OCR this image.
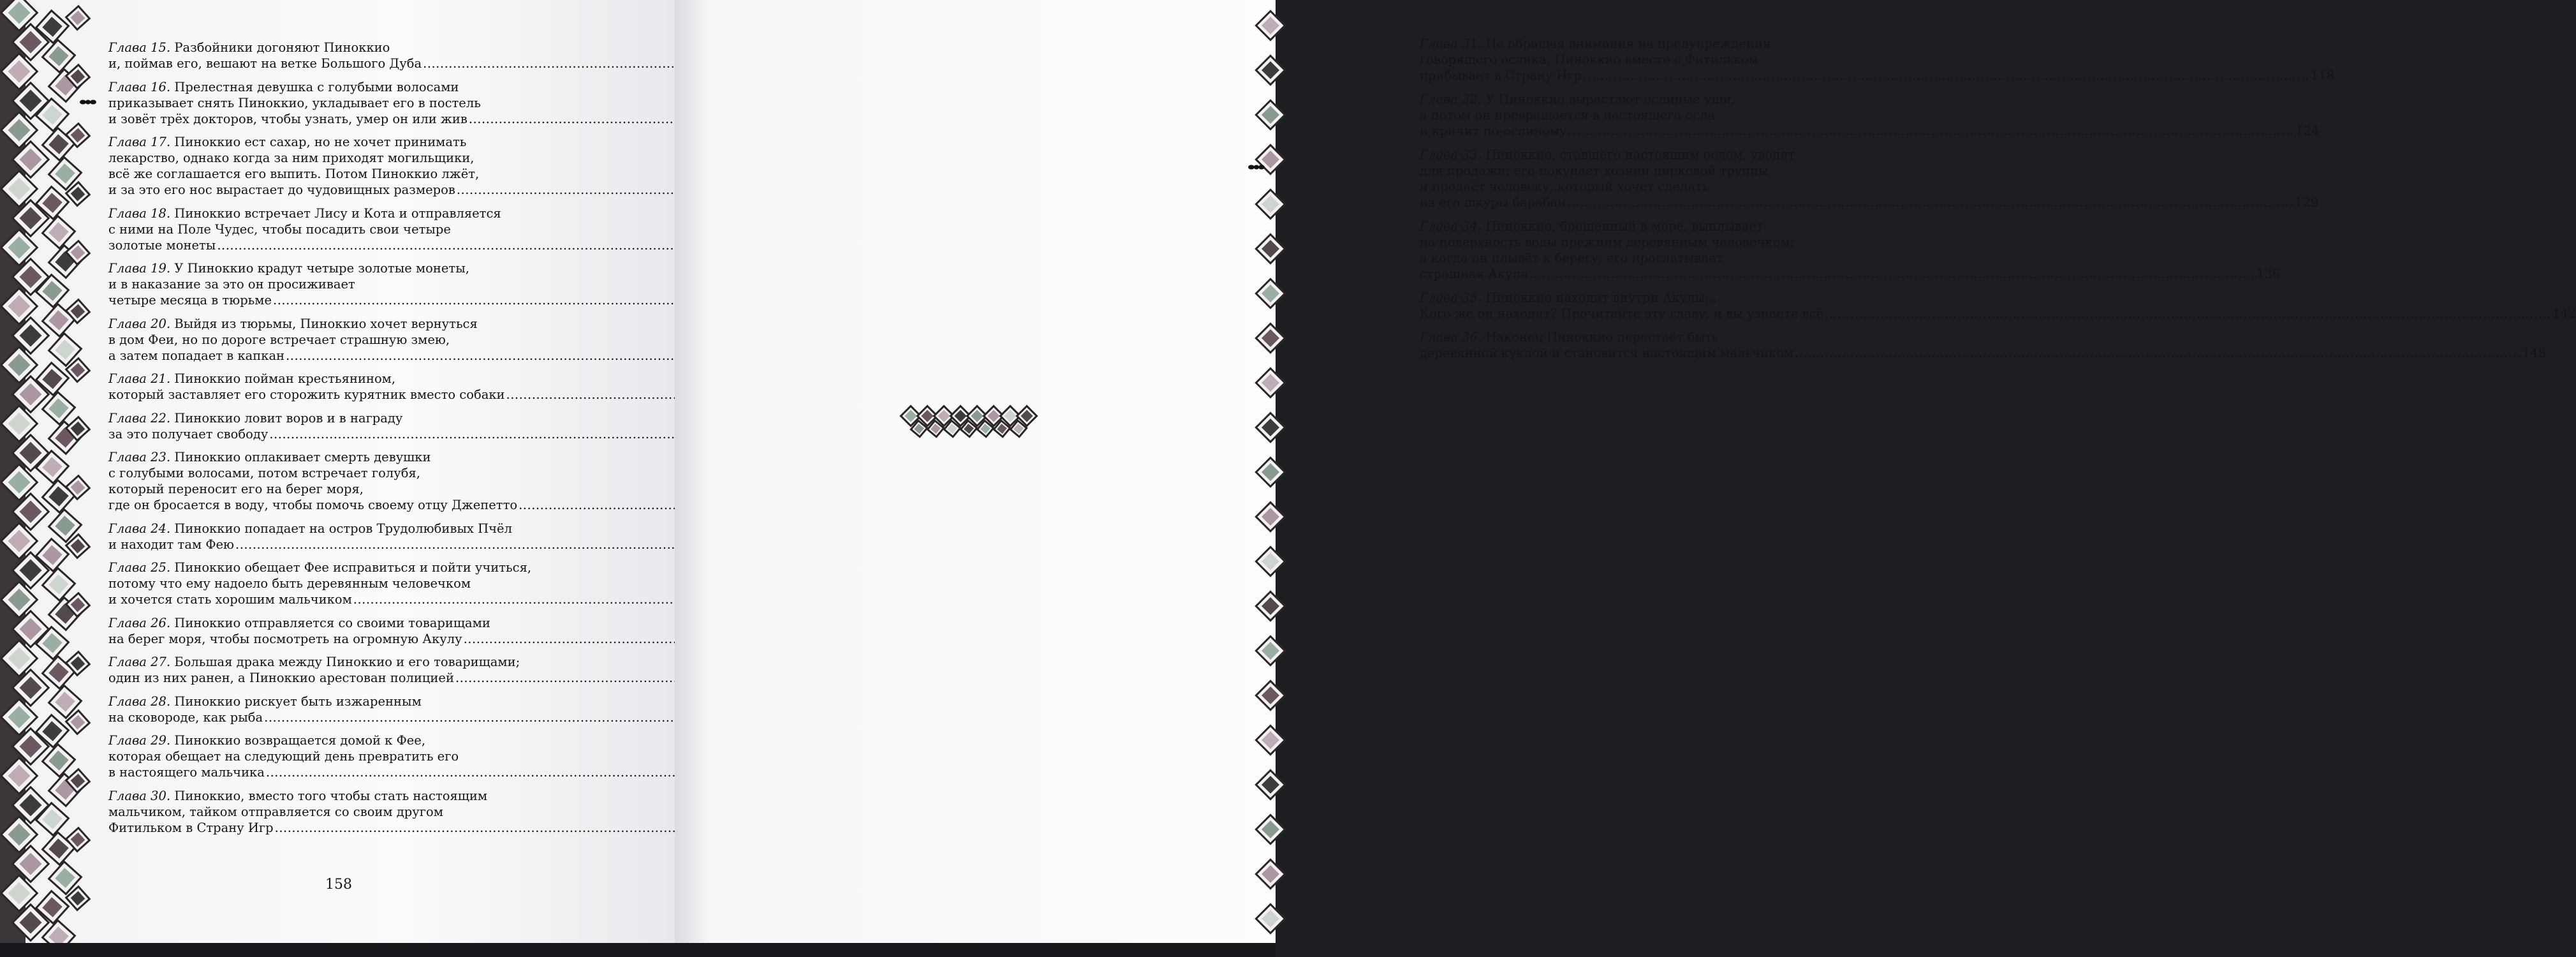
Глава 15. Разбойники догоняют Пиноккио
и, поймав его, вешают на ветке Большого Дуба
.....
Глава 16. Прелестная девушка с голубыми волосами
приказывает снять Пиноккио, укладывает его в постель
и зовёт трёх докторов, чтобы узнать, умер он или жив
.....
Глава 17. Пиноккио ест сахар, но не хочет принимать
лекарство, однако когда за ним приходят могильщики,
всё же соглашается его выпить. Потом Пиноккио лжёт,
и за это его нос вырастает до чудовищных размеров
.....
Глава 18. Пиноккио встречает Лису и Кота и отправляется
с ними на Поле Чудес, чтобы посадить свои четыре
золотые монеты
.....
Глава 19. У Пиноккио крадут четыре золотые монеты,
и в наказание за это он просиживает
четыре месяца в тюрьме
.....
Глава 20. Выйдя из тюрьмы, Пиноккио хочет вернуться
в дом Феи, но по дороге встречает страшную змею,
а затем попадает в капкан
.....
Глава 21. Пиноккио пойман крестьянином,
который заставляет его сторожить курятник вместо собаки
.....
Глава 22. Пиноккио ловит воров и в награду
за это получает свободу
.....
Глава 23. Пиноккио оплакивает смерть девушки
с голубыми волосами, потом встречает голубя,
который переносит его на берег моря,
где он бросается в воду, чтобы помочь своему отцу Джепетто
.....
Глава 24. Пиноккио попадает на остров Трудолюбивых Пчёл
и находит там Фею
.....
Глава 25. Пиноккио обещает Фее исправиться и пойти учиться,
потому что ему надоело быть деревянным человечком
и хочется стать хорошим мальчиком
.....
Глава 26. Пиноккио отправляется со своими товарищами
на берег моря, чтобы посмотреть на огромную Акулу
.....
Глава 27. Большая драка между Пиноккио и его товарищами;
один из них ранен, а Пиноккио арестован полицией
.....
Глава 28. Пиноккио рискует быть изжаренным
на сковороде, как рыба
.....
Глава 29. Пиноккио возвращается домой к Фее,
которая обещает на следующий день превратить его
в настоящего мальчика
.....
Глава 30. Пиноккио, вместо того чтобы стать настоящим
мальчиком, тайком отправляется со своим другом
Фитильком в Страну Игр
.....
158
Глава 31. Не обращая внимания на предупреждения
говорящего ослика, Пиноккио вместе с Фитильком
прибывает в Страну Игр .....	118
Глава 32. У Пиноккио вырастают ослиные уши,
а потом он превращается в настоящего осла
и кричит по-ослиному .....	124
Глава 33. Пиноккио, ставшего настоящим ослом, уводят
для продажи; его покупает хозяин цирковой труппы
и продаёт человеку, который хочет сделать
из его шкуры барабан .....	129
Глава 34. Пиноккио, брошенный в море, выплывает
на поверхность воды прежним деревянным человечком;
а когда он плывёт к берегу, его проглатывает
страшная Акула .....	136
Глава 35. Пиноккио находит внутри Акулы...
Кого же он находит? Прочитайте эту главу, и вы узнаете всё .....	142
Глава 36. Наконец Пиноккио перестаёт быть
деревянной куклой и становится настоящим мальчиком .....	148
